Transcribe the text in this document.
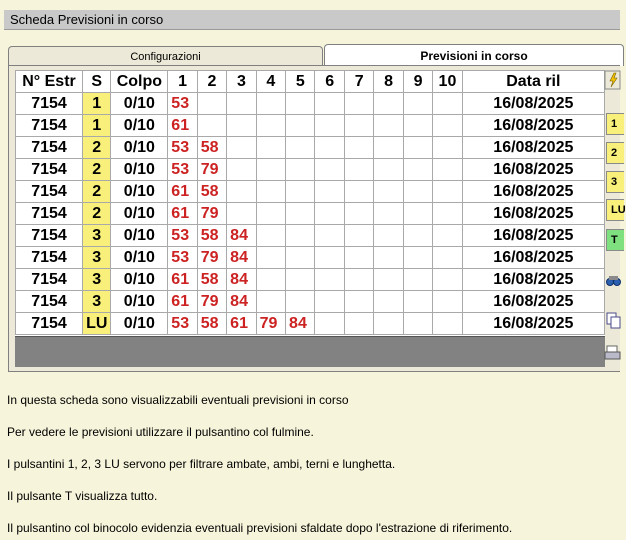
Scheda Previsioni in corso
Configurazioni	Previsioni in corso
N° Estr	S	Colpo	1	2	3	4	5	6	7	8	9	10	Data ril
7154	1	0/10	53										16/08/2025
7154	1	0/10	61										16/08/2025
7154	2	0/10	53	58									16/08/2025
7154	2	0/10	53	79									16/08/2025
7154	2	0/10	61	58									16/08/2025
7154	2	0/10	61	79									16/08/2025
7154	3	0/10	53	58	84								16/08/2025
7154	3	0/10	53	79	84								16/08/2025
7154	3	0/10	61	58	84								16/08/2025
7154	3	0/10	61	79	84								16/08/2025
7154	LU	0/10	53	58	61	79	84						16/08/2025
1
2
3
LU
T
In questa scheda sono visualizzabili eventuali previsioni in corso
Per vedere le previsioni utilizzare il pulsantino col fulmine.
I pulsantini 1, 2, 3 LU servono per filtrare ambate, ambi, terni e lunghetta.
Il pulsante T visualizza tutto.
Il pulsantino col binocolo evidenzia eventuali previsioni sfaldate dopo l'estrazione di riferimento.
